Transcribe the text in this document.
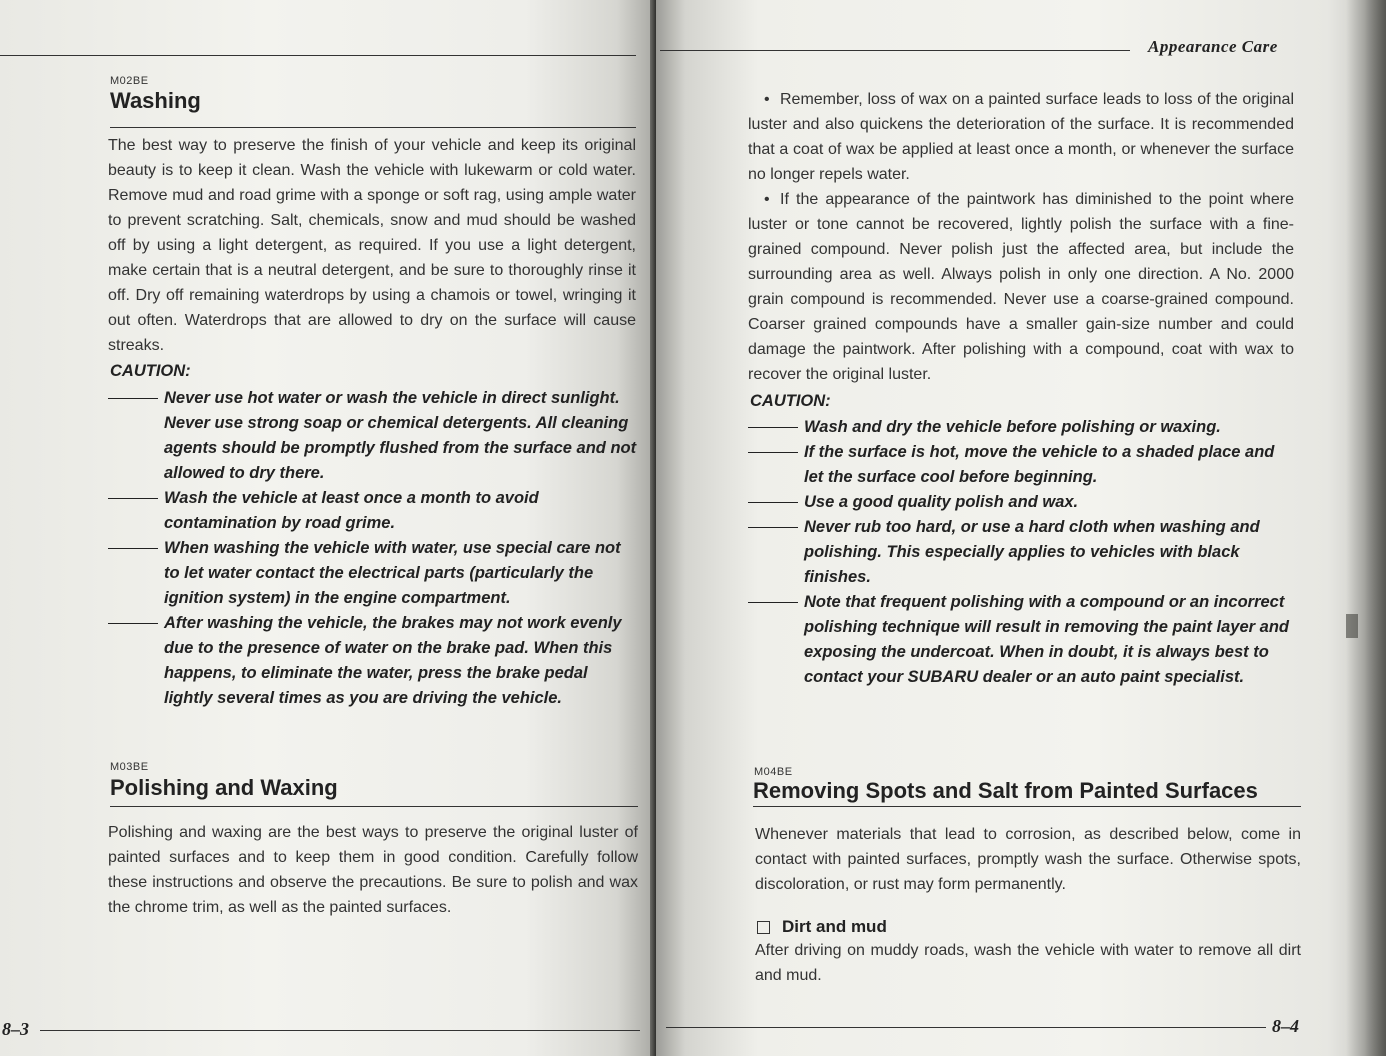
M02BE
Washing

The best way to preserve the finish of your vehicle and keep its original beauty is to keep it clean. Wash the vehicle with lukewarm or cold water. Remove mud and road grime with a sponge or soft rag, using ample water to prevent scratching. Salt, chemicals, snow and mud should be washed off by using a light detergent, as required. If you use a light detergent, make certain that is a neutral detergent, and be sure to thoroughly rinse it off. Dry off remaining waterdrops by using a chamois or towel, wringing it out often. Waterdrops that are allowed to dry on the surface will cause streaks.

CAUTION:
Never use hot water or wash the vehicle in direct sunlight. Never use strong soap or chemical detergents. All cleaning agents should be promptly flushed from the surface and not allowed to dry there.
Wash the vehicle at least once a month to avoid contamination by road grime.
When washing the vehicle with water, use special care not to let water contact the electrical parts (particularly the ignition system) in the engine compartment.
After washing the vehicle, the brakes may not work evenly due to the presence of water on the brake pad. When this happens, to eliminate the water, press the brake pedal lightly several times as you are driving the vehicle.
M03BE
Polishing and Waxing

Polishing and waxing are the best ways to preserve the original luster of painted surfaces and to keep them in good condition. Carefully follow these instructions and observe the precautions. Be sure to polish and wax the chrome trim, as well as the painted surfaces.

8–3
Appearance Care
• Remember, loss of wax on a painted surface leads to loss of the original luster and also quickens the deterioration of the surface. It is recommended that a coat of wax be applied at least once a month, or whenever the surface no longer repels water.
• If the appearance of the paintwork has diminished to the point where luster or tone cannot be recovered, lightly polish the surface with a fine-grained compound. Never polish just the affected area, but include the surrounding area as well. Always polish in only one direction. A No. 2000 grain compound is recommended. Never use a coarse-grained compound. Coarser grained compounds have a smaller gain-size number and could damage the paintwork. After polishing with a compound, coat with wax to recover the original luster.
CAUTION:
Wash and dry the vehicle before polishing or waxing.
If the surface is hot, move the vehicle to a shaded place and let the surface cool before beginning.
Use a good quality polish and wax.
Never rub too hard, or use a hard cloth when washing and polishing. This especially applies to vehicles with black finishes.
Note that frequent polishing with a compound or an incorrect polishing technique will result in removing the paint layer and exposing the undercoat. When in doubt, it is always best to contact your SUBARU dealer or an auto paint specialist.
M04BE
Removing Spots and Salt from Painted Surfaces

Whenever materials that lead to corrosion, as described below, come in contact with painted surfaces, promptly wash the surface. Otherwise spots, discoloration, or rust may form permanently.

Dirt and mud

After driving on muddy roads, wash the vehicle with water to remove all dirt and mud.

8–4
